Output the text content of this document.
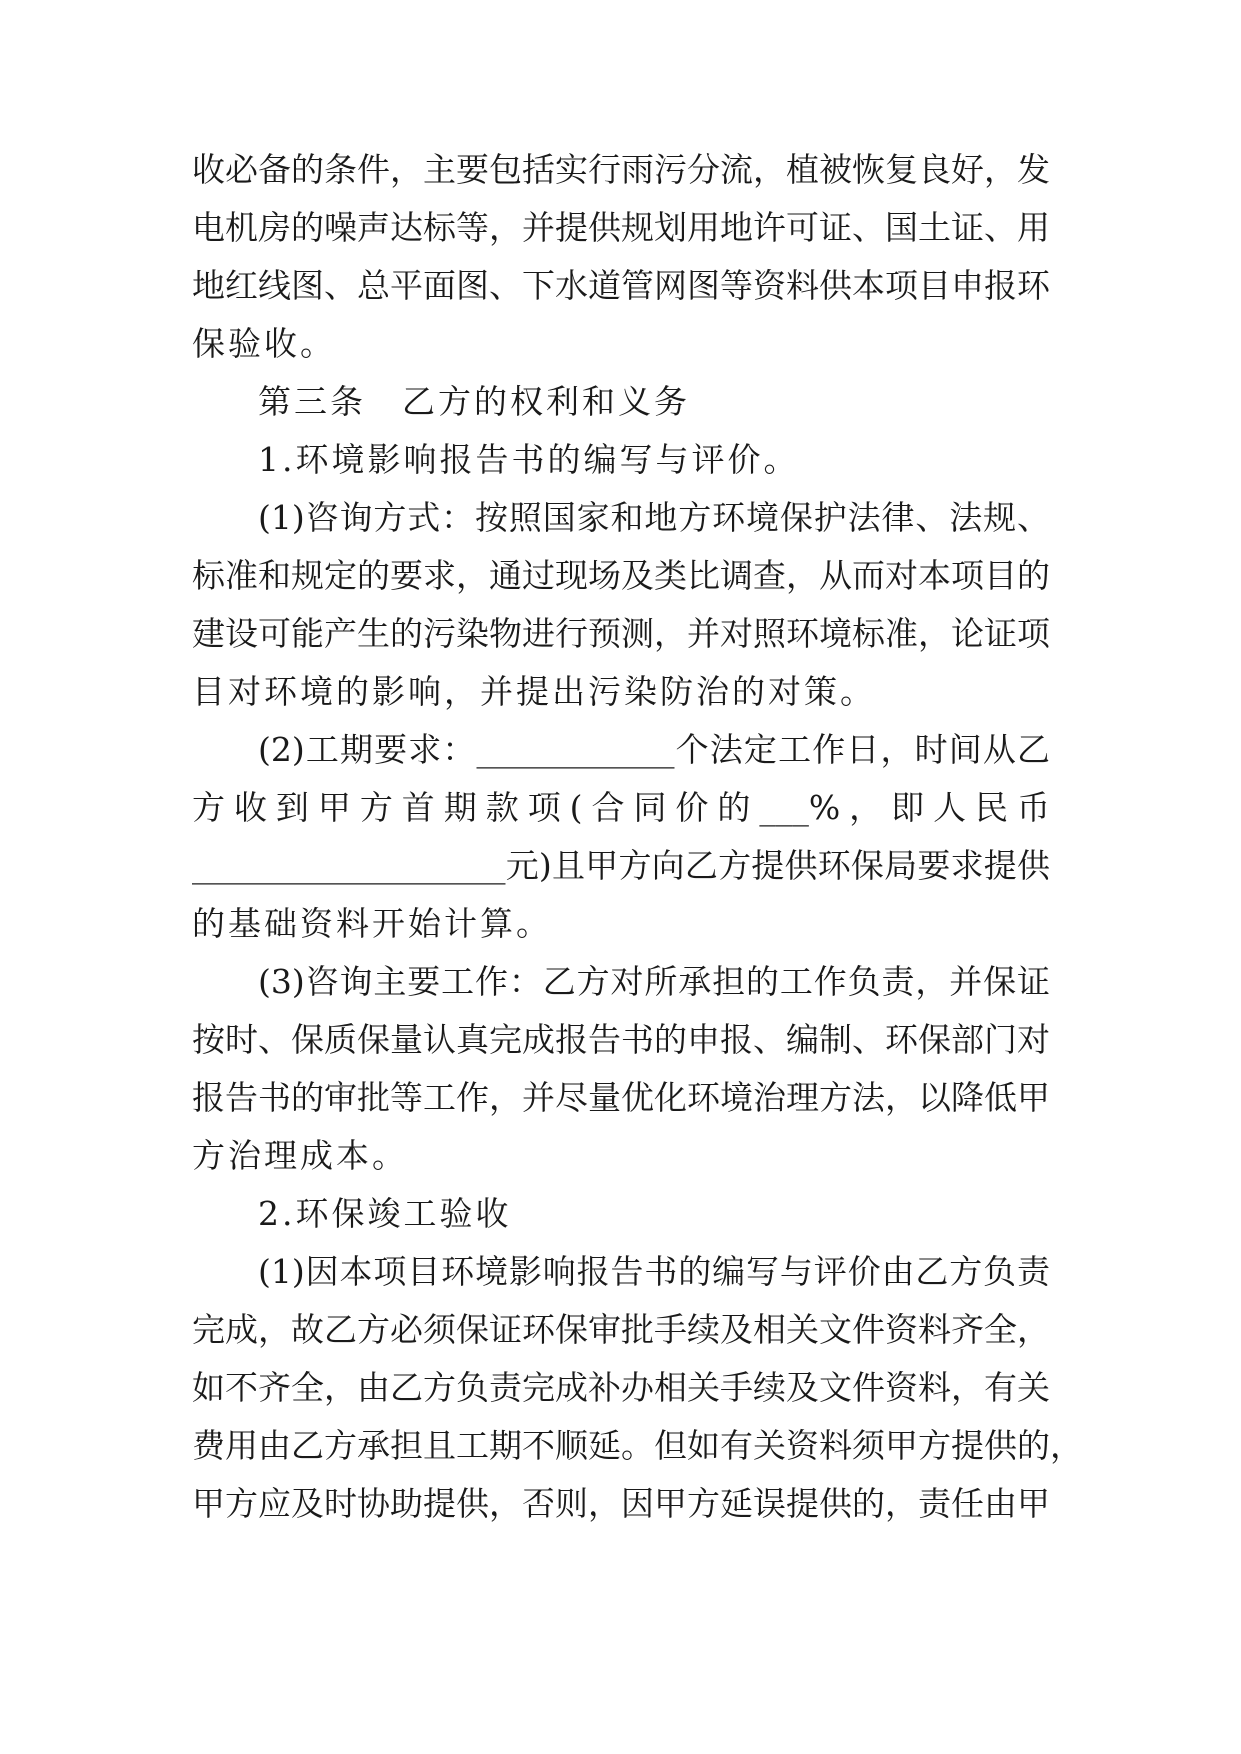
收必备的条件，主要包括实行雨污分流，植被恢复良好，发
电机房的噪声达标等，并提供规划用地许可证、国土证、用
地红线图、总平面图、下水道管网图等资料供本项目申报环
保验收。
第三条　乙方的权利和义务
1.环境影响报告书的编写与评价。
(1)咨询方式：按照国家和地方环境保护法律、法规、
标准和规定的要求，通过现场及类比调查，从而对本项目的
建设可能产生的污染物进行预测，并对照环境标准，论证项
目对环境的影响，并提出污染防治的对策。
(2)工期要求：____________个法定工作日，时间从乙
方收到甲方首期款项(合同价的___%，即人民币
___________________元)且甲方向乙方提供环保局要求提供
的基础资料开始计算。
(3)咨询主要工作：乙方对所承担的工作负责，并保证
按时、保质保量认真完成报告书的申报、编制、环保部门对
报告书的审批等工作，并尽量优化环境治理方法，以降低甲
方治理成本。
2.环保竣工验收
(1)因本项目环境影响报告书的编写与评价由乙方负责
完成，故乙方必须保证环保审批手续及相关文件资料齐全，
如不齐全，由乙方负责完成补办相关手续及文件资料，有关
费用由乙方承担且工期不顺延。但如有关资料须甲方提供的，
甲方应及时协助提供，否则，因甲方延误提供的，责任由甲
